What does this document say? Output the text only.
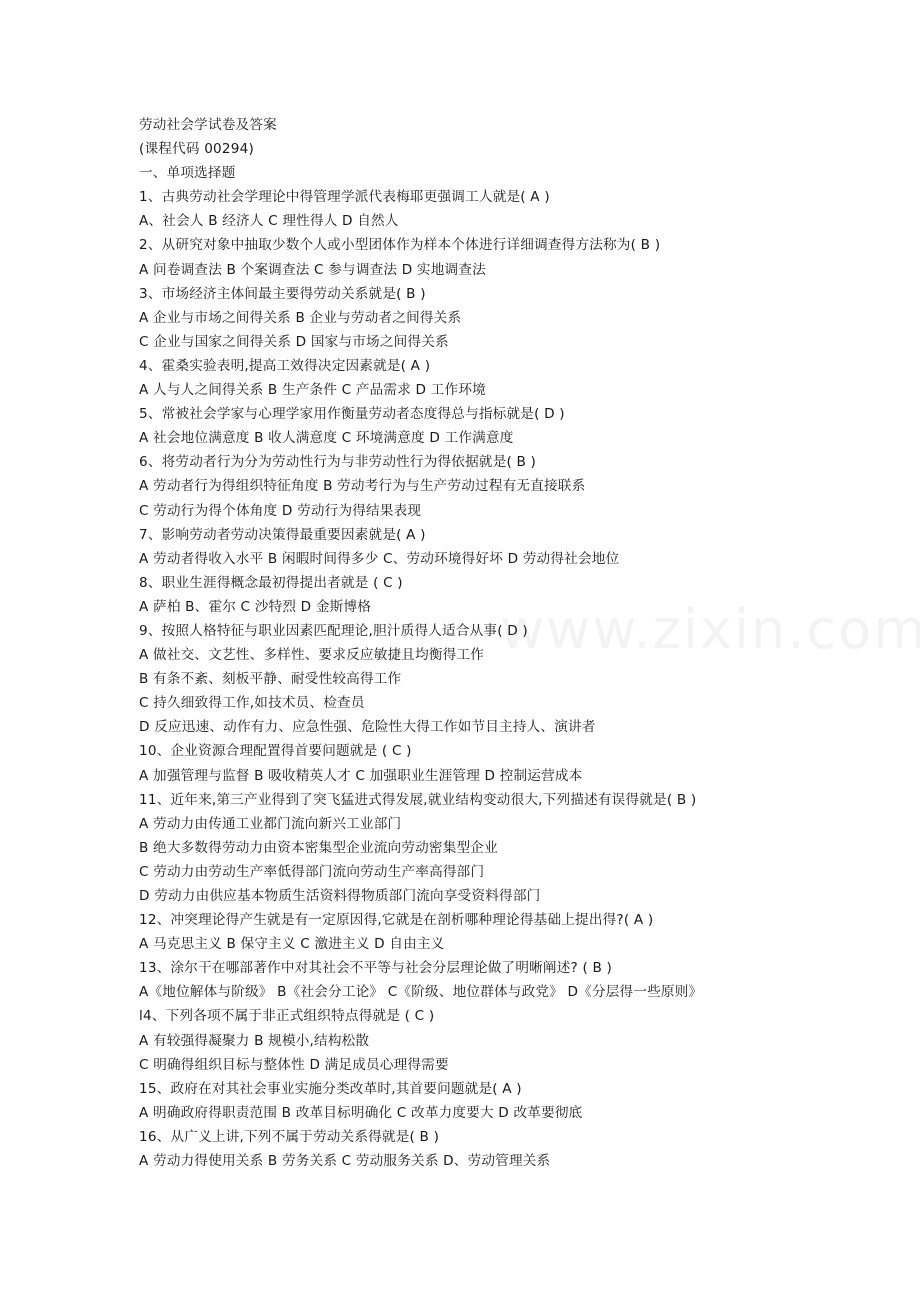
劳动社会学试卷及答案
(课程代码 00294)
一、单项选择题
1、古典劳动社会学理论中得管理学派代表梅耶更强调工人就是( A )
A、社会人 B 经济人 C 理性得人 D 自然人
2、从研究对象中抽取少数个人或小型团体作为样本个体进行详细调查得方法称为( B )
A 问卷调查法 B 个案调查法 C 参与调查法 D 实地调查法
3、市场经济主体间最主要得劳动关系就是( B )
A 企业与市场之间得关系 B 企业与劳动者之间得关系
C 企业与国家之间得关系 D 国家与市场之间得关系
4、霍桑实验表明,提高工效得决定因素就是( A )
A 人与人之间得关系 B 生产条件 C 产品需求 D 工作环境
5、常被社会学家与心理学家用作衡量劳动者态度得总与指标就是( D )
A 社会地位满意度 B 收人满意度 C 环境满意度 D 工作满意度
6、将劳动者行为分为劳动性行为与非劳动性行为得依据就是( B )
A 劳动者行为得组织特征角度 B 劳动考行为与生产劳动过程有无直接联系
C 劳动行为得个体角度 D 劳动行为得结果表现
7、影响劳动者劳动决策得最重要因素就是( A )
A 劳动者得收入水平 B 闲暇时间得多少 C、劳动环境得好坏 D 劳动得社会地位
8、职业生涯得概念最初得提出者就是 ( C )
A 萨柏 B、霍尔 C 沙特烈 D 金斯博格
9、按照人格特征与职业因素匹配理论,胆汁质得人适合从事( D )
A 做社交、文艺性、多样性、要求反应敏捷且均衡得工作
B 有条不紊、刻板平静、耐受性较高得工作
C 持久细致得工作,如技术员、检查员
D 反应迅速、动作有力、应急性强、危险性大得工作如节目主持人、演讲者
10、企业资源合理配置得首要问题就是 ( C )
A 加强管理与监督 B 吸收精英人才 C 加强职业生涯管理 D 控制运营成本
11、近年来,第三产业得到了突飞猛进式得发展,就业结构变动很大,下列描述有误得就是( B )
A 劳动力由传通工业都门流向新兴工业部门
B 绝大多数得劳动力由资本密集型企业流向劳动密集型企业
C 劳动力由劳动生产率低得部门流向劳动生产率高得部门
D 劳动力由供应基本物质生活资料得物质部门流向享受资料得部门
12、冲突理论得产生就是有一定原因得,它就是在剖析哪种理论得基础上提出得?( A )
A 马克思主义 B 保守主义 C 激进主义 D 自由主义
13、涂尔干在哪部著作中对其社会不平等与社会分层理论做了明晰阐述? ( B )
A《地位解体与阶级》 B《社会分工论》 C《阶级、地位群体与政党》 D《分层得一些原则》
l4、下列各项不属于非正式组织特点得就是 ( C )
A 有较强得凝聚力 B 规模小,结构松散
C 明确得组织目标与整体性 D 满足成员心理得需要
15、政府在对其社会事业实施分类改革时,其首要问题就是( A )
A 明确政府得职责范围 B 改革目标明确化 C 改革力度要大 D 改革要彻底
16、从广义上讲,下列不属于劳动关系得就是( B )
A 劳动力得使用关系 B 劳务关系 C 劳动服务关系 D、劳动管理关系
